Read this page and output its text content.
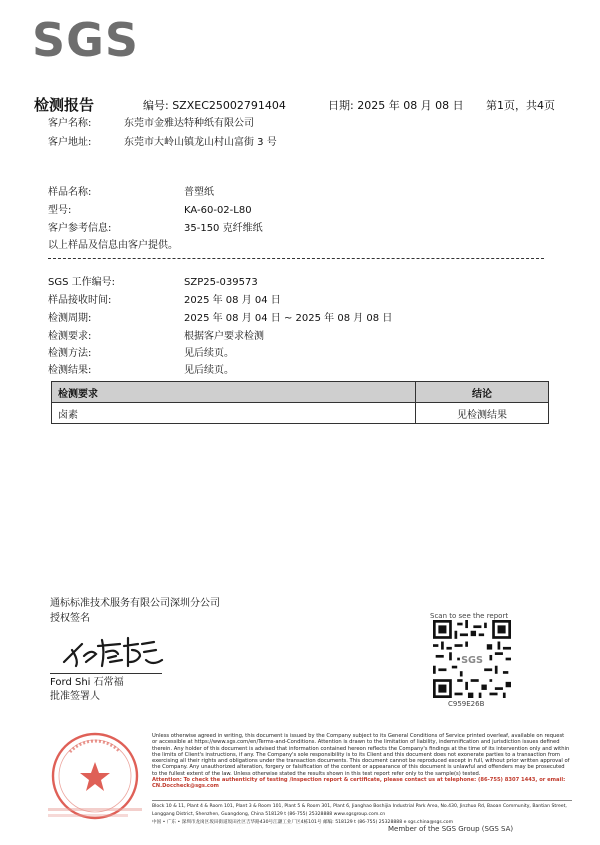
SGS
检测报告	编号: SZXEC25002791404	日期: 2025 年 08 月 08 日 第1页，共4页
客户名称:	东莞市金雅达特种纸有限公司
客户地址:	东莞市大岭山镇龙山村山富街 3 号
样品名称:	普塑纸
型号:	KA-60-02-L80
客户参考信息:	35-150 克纤维纸
以上样品及信息由客户提供。
SGS 工作编号:	SZP25-039573
样品接收时间:	2025 年 08 月 04 日
检测周期:	2025 年 08 月 04 日 ~ 2025 年 08 月 08 日
检测要求:	根据客户要求检测
检测方法:	见后续页。
检测结果:	见后续页。
检测要求	结论
卤素	见检测结果
通标标准技术服务有限公司深圳分公司
授权签名
Ford Shi 石常福
批准签署人
Scan to see the report
SGS
C959E26B
Unless otherwise agreed in writing, this document is issued by the Company subject to its General Conditions of Service printed overleaf, available on request or accessible at https://www.sgs.com/en/Terms-and-Conditions. Attention is drawn to the limitation of liability, indemnification and jurisdiction issues defined therein. Any holder of this document is advised that information contained hereon reflects the Company's findings at the time of its intervention only and within the limits of Client's instructions, if any. The Company's sole responsibility is to its Client and this document does not exonerate parties to a transaction from exercising all their rights and obligations under the transaction documents. This document cannot be reproduced except in full, without prior written approval of the Company. Any unauthorized alteration, forgery or falsification of the content or appearance of this document is unlawful and offenders may be prosecuted to the fullest extent of the law. Unless otherwise stated the results shown in this test report refer only to the sample(s) tested.
Attention: To check the authenticity of testing /inspection report & certificate, please contact us at telephone: (86-755) 8307 1443, or email: CN.Doccheck@sgs.com
Block 10 & 11, Plant 4 & Room 101, Plant 3 & Room 101, Plant 5 & Room 301, Plant 6, Jianghao Boshijia Industrial Park Area, No.430, Jinzhuo Rd, Baoan Community, Bantian Street, Longgang District, Shenzhen, Guangdong, China 518129 t (86-755) 25328888 www.sgsgroup.com.cn
中国 • 广东 • 深圳市龙岗区坂田街道坂田社区吉华路430号江灏工业厂区4栋101号 邮编: 518129 t (86-755) 25328888 e sgs.china@sgs.com
Member of the SGS Group (SGS SA)
